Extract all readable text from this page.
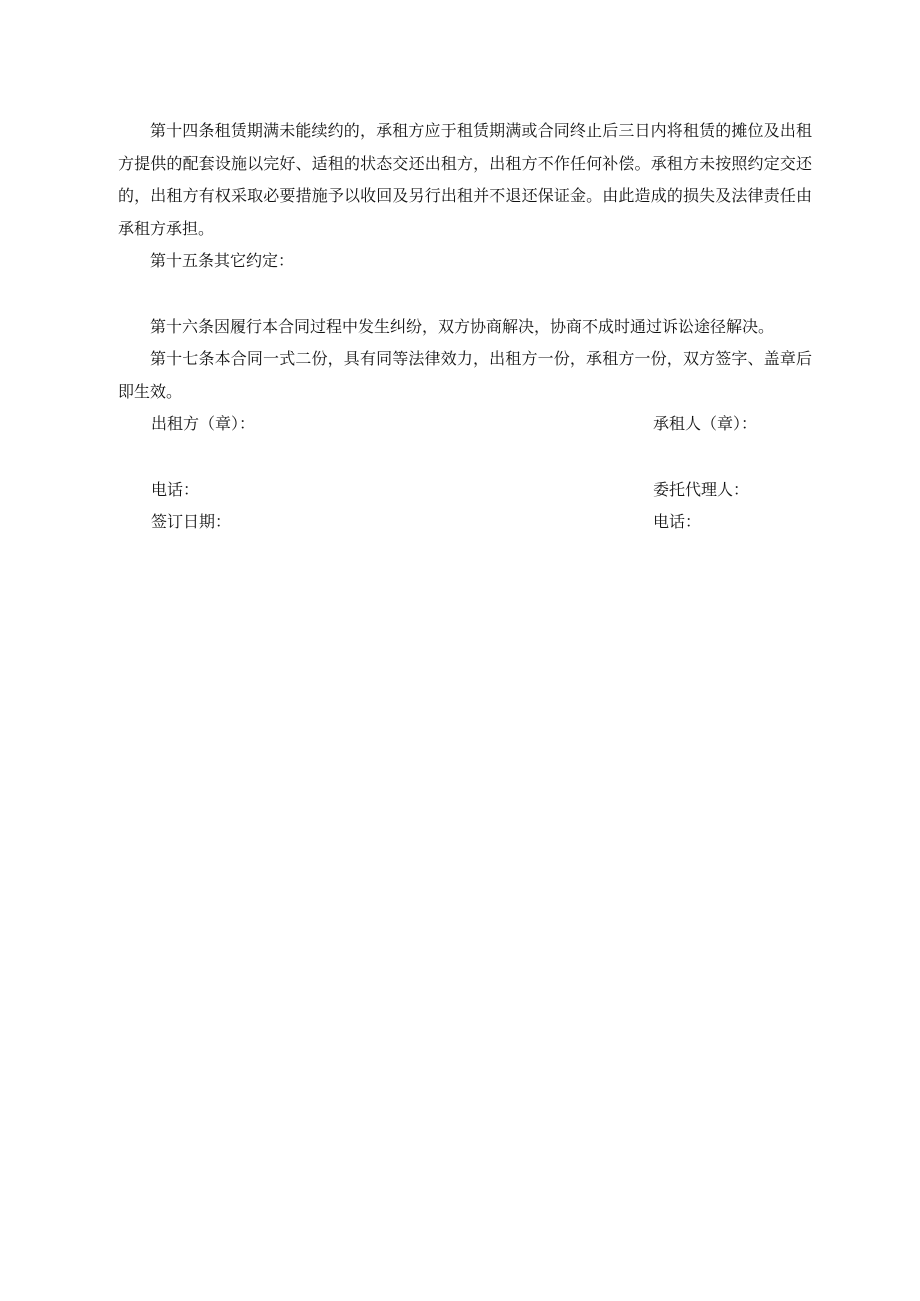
第十四条租赁期满未能续约的，承租方应于租赁期满或合同终止后三日内将租赁的摊位及出租方提供的配套设施以完好、适租的状态交还出租方，出租方不作任何补偿。承租方未按照约定交还的，出租方有权采取必要措施予以收回及另行出租并不退还保证金。由此造成的损失及法律责任由承租方承担。

第十五条其它约定：

第十六条因履行本合同过程中发生纠纷，双方协商解决，协商不成时通过诉讼途径解决。

第十七条本合同一式二份，具有同等法律效力，出租方一份，承租方一份，双方签字、盖章后即生效。

出租方（章）：	承租人（章）：

电话：	委托代理人：

签订日期：	电话：
